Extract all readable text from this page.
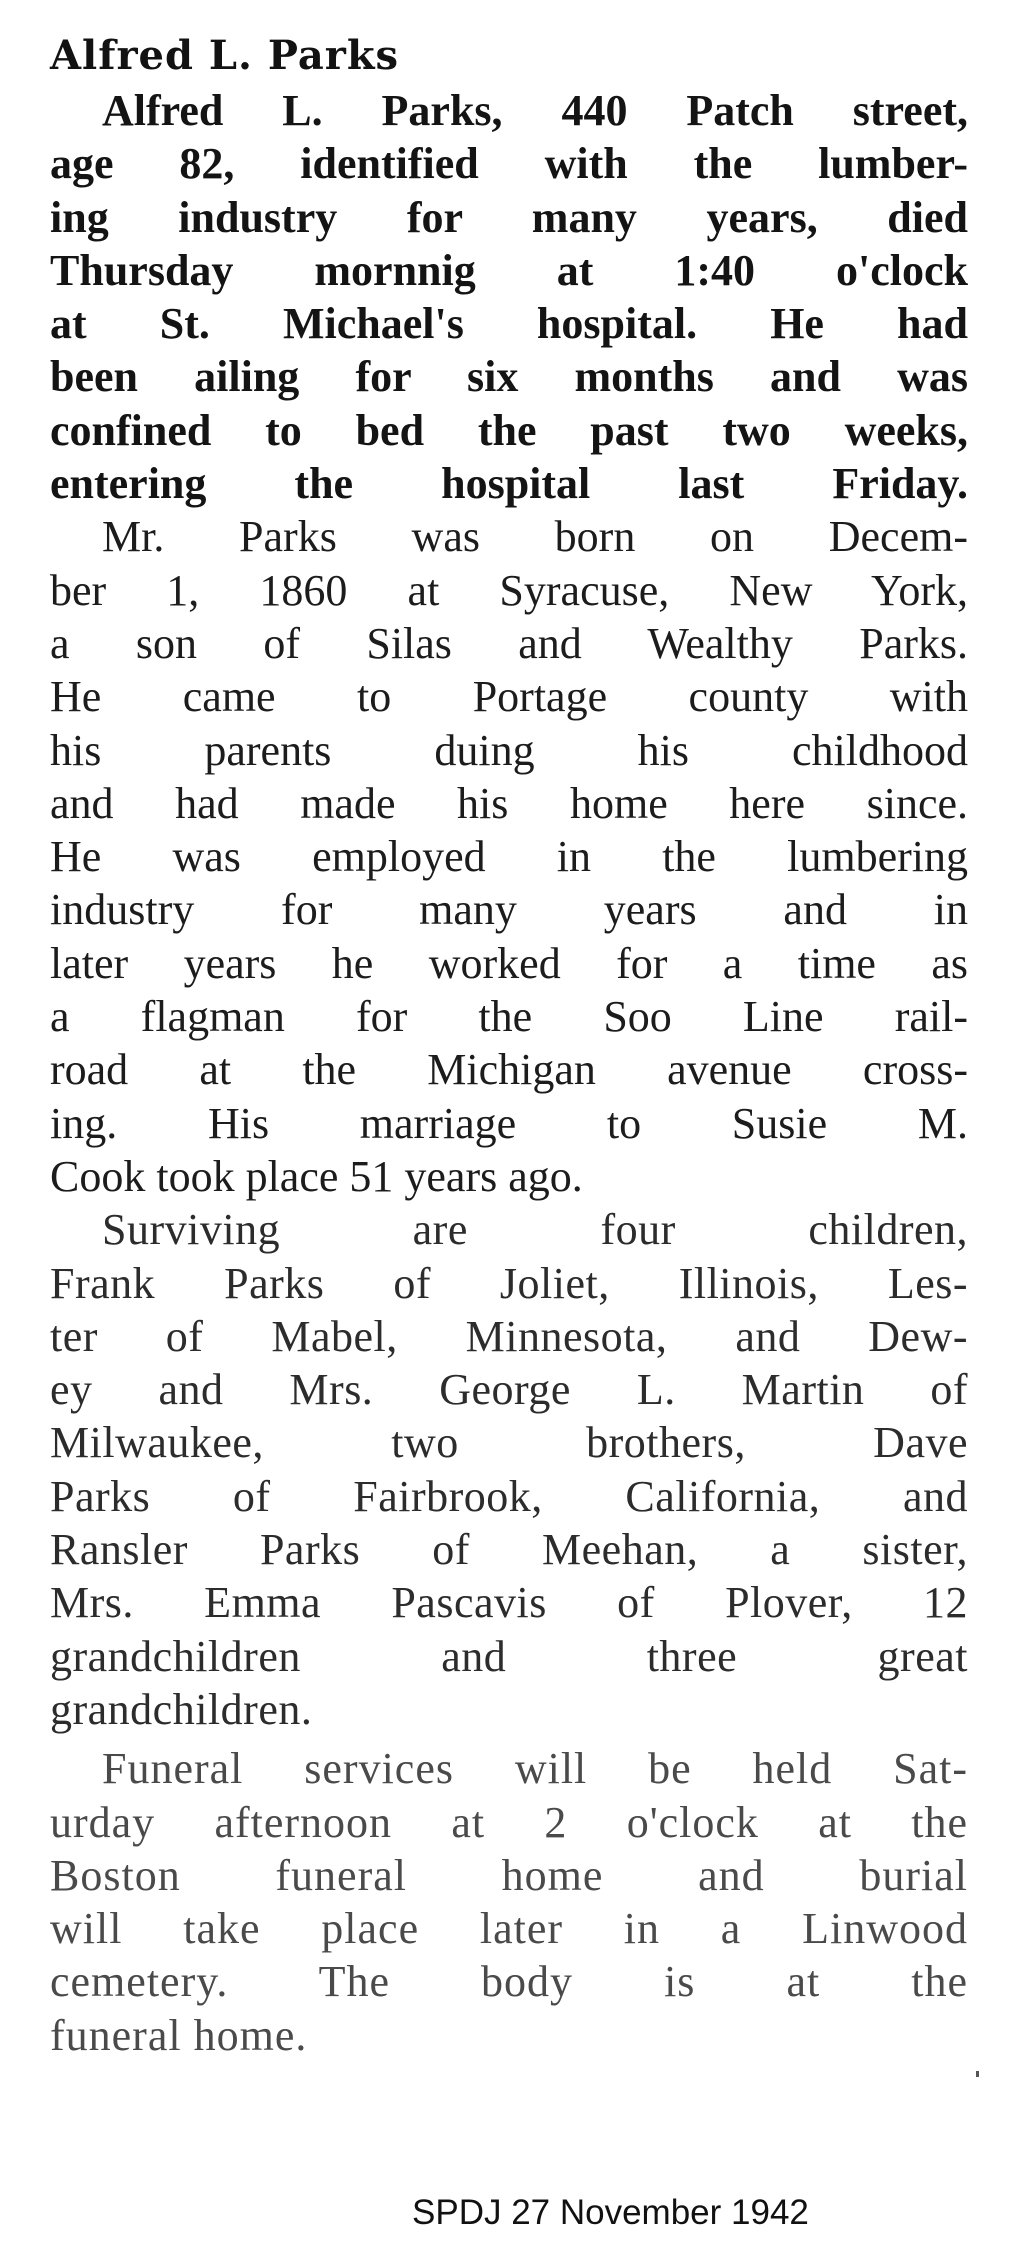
Alfred L. Parks
Alfred L. Parks, 440 Patch street,
age 82, identified with the lumber-
ing industry for many years, died
Thursday mornnig at 1:40 o'clock
at St. Michael's hospital. He had
been ailing for six months and was
confined to bed the past two weeks,
entering the hospital last Friday.
Mr. Parks was born on Decem-
ber 1, 1860 at Syracuse, New York,
a son of Silas and Wealthy Parks.
He came to Portage county with
his parents duing his childhood
and had made his home here since.
He was employed in the lumbering
industry for many years and in
later years he worked for a time as
a flagman for the Soo Line rail-
road at the Michigan avenue cross-
ing. His marriage to Susie M.
Cook took place 51 years ago.
Surviving are four children,
Frank Parks of Joliet, Illinois, Les-
ter of Mabel, Minnesota, and Dew-
ey and Mrs. George L. Martin of
Milwaukee, two brothers, Dave
Parks of Fairbrook, California, and
Ransler Parks of Meehan, a sister,
Mrs. Emma Pascavis of Plover, 12
grandchildren and three great
grandchildren.
Funeral services will be held Sat-
urday afternoon at 2 o'clock at the
Boston funeral home and burial
will take place later in a Linwood
cemetery. The body is at the
funeral home.
SPDJ 27 November 1942
